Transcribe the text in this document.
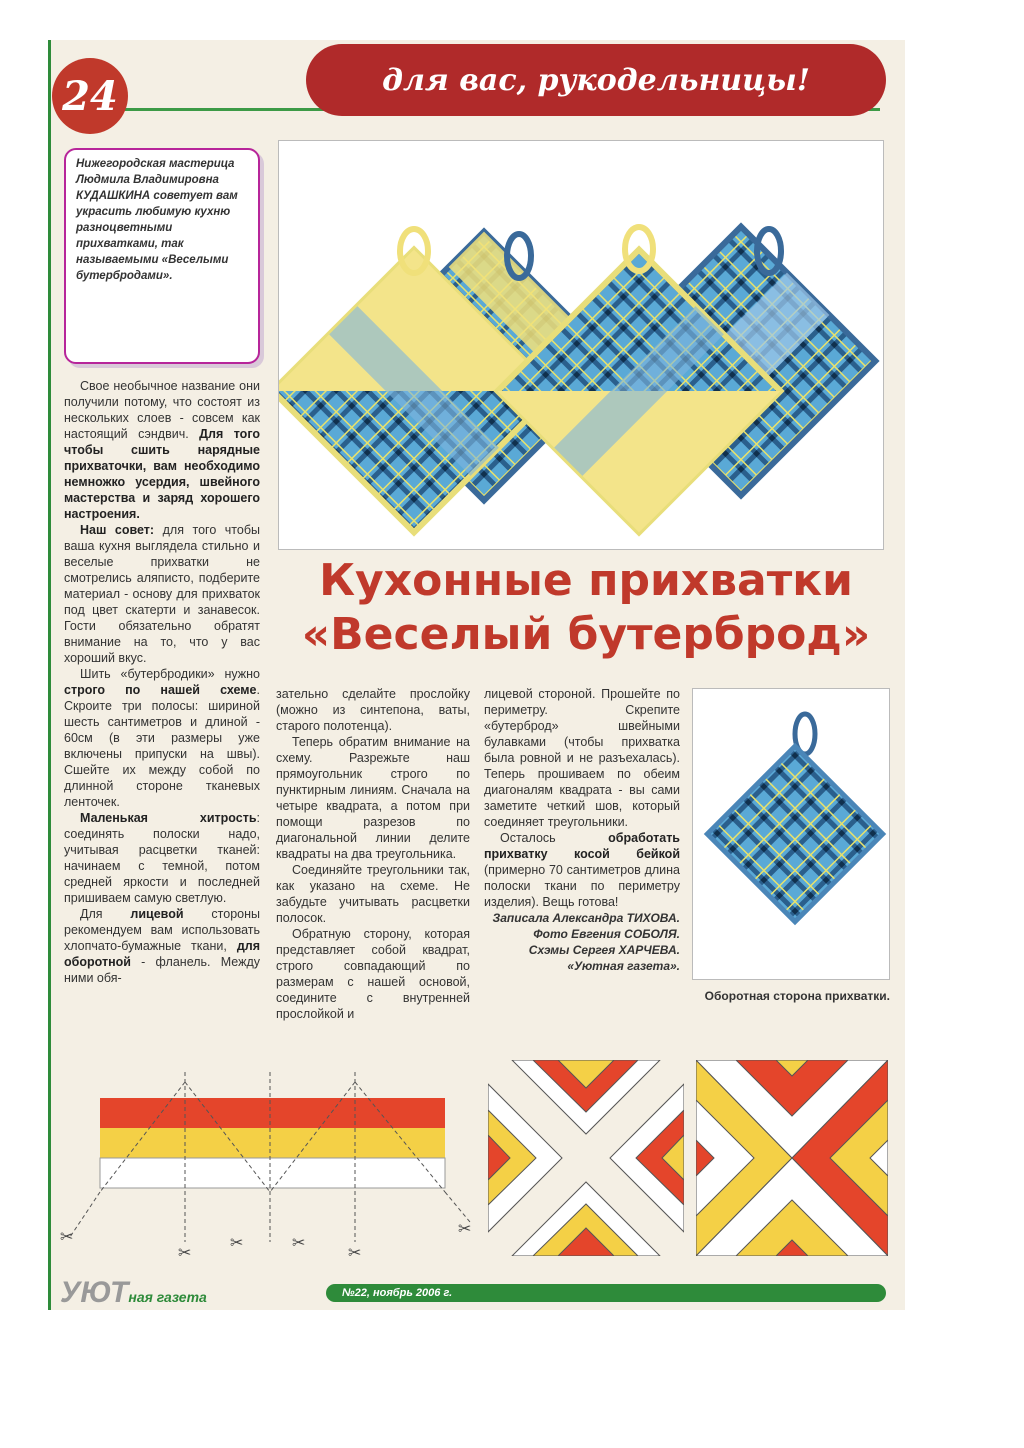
для вас, рукодельницы!
24

Нижегородская мастерица Людмила Владимировна КУДАШКИНА советует вам украсить любимую кухню разноцветными прихватками, так называемыми «Веселыми бутербродами».

Кухонные прихватки
«Веселый бутерброд»

Свое необычное название они получили потому, что состоят из нескольких слоев - совсем как настоящий сэндвич. Для того чтобы сшить нарядные прихваточки, вам необходимо немножко усердия, швейного мастерства и заряд хорошего настроения.

Наш совет: для того чтобы ваша кухня выглядела стильно и веселые прихватки не смотрелись аляписто, подберите материал - основу для прихваток под цвет скатерти и занавесок. Гости обязательно обратят внимание на то, что у вас хороший вкус.

Шить «бутербродики» нужно строго по нашей схеме. Скроите три полосы: шириной шесть сантиметров и длиной - 60см (в эти размеры уже включены припуски на швы). Сшейте их между собой по длинной стороне тканевых ленточек.

Маленькая хитрость: соединять полоски надо, учитывая расцветки тканей: начинаем с темной, потом средней яркости и последней пришиваем самую светлую.

Для лицевой стороны рекомендуем вам использовать хлопчато-бумажные ткани, для оборотной - фланель. Между ними обя-

зательно сделайте прослойку (можно из синтепона, ваты, старого полотенца).

Теперь обратим внимание на схему. Разрежьте наш прямоугольник строго по пунктирным линиям. Сначала на четыре квадрата, а потом при помощи разрезов по диагональной линии делите квадраты на два треугольника.

Соединяйте треугольники так, как указано на схеме. Не забудьте учитывать расцветки полосок.

Обратную сторону, которая представляет собой квадрат, строго совпадающий по размерам с нашей основой, соедините с внутренней прослойкой и

лицевой стороной. Прошейте по периметру. Скрепите «бутерброд» швейными булавками (чтобы прихватка была ровной и не разъехалась). Теперь прошиваем по обеим диагоналям квадрата - вы сами заметите четкий шов, который соединяет треугольники.

Осталось обработать прихватку косой бейкой (примерно 70 сантиметров длина полоски ткани по периметру изделия). Вещь готова!

Записала Александра ТИХОВА.
Фото Евгения СОБОЛЯ.
Схэмы Сергея ХАРЧЕВА.
«Уютная газета».
Оборотная сторона прихватки.
✂
✂
✂	✂
✂
✂
УЮТная газета	№22, ноябрь 2006 г.
